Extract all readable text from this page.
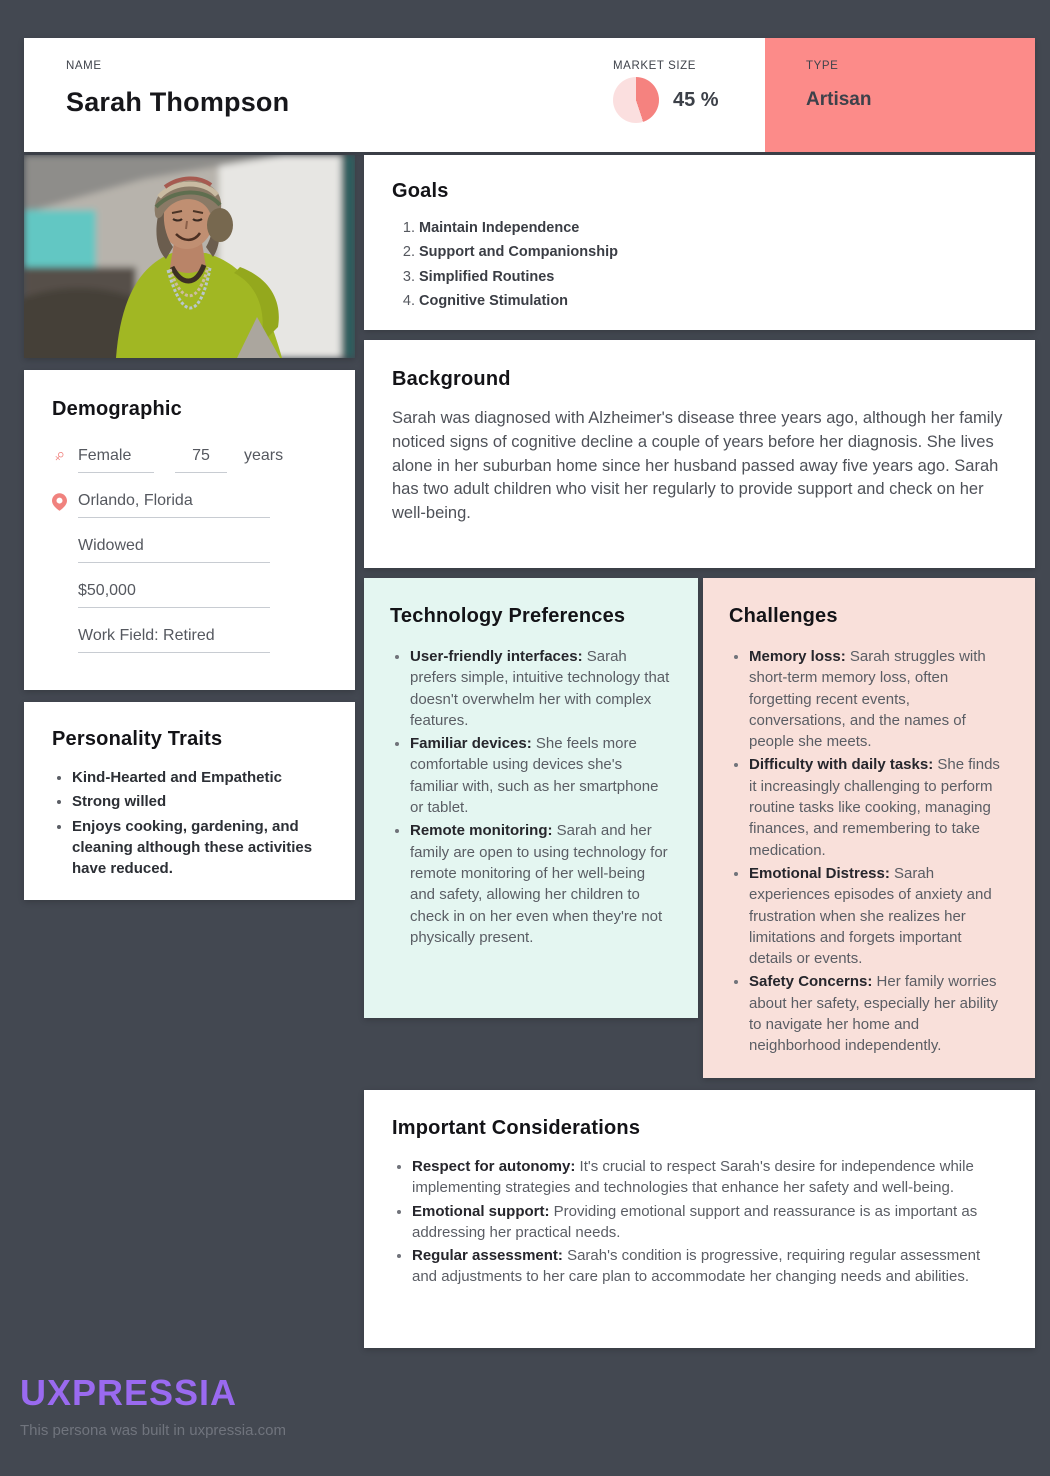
NAME
Sarah Thompson
MARKET SIZE
45 %
TYPE
Artisan
Demographic
♀ Female	75	years
Orlando, Florida
Widowed
$50,000
Work Field: Retired
Personality Traits
Kind-Hearted and Empathetic
Strong willed
Enjoys cooking, gardening, and cleaning although these activities have reduced.
Goals
1. Maintain Independence
2. Support and Companionship
3. Simplified Routines
4. Cognitive Stimulation
Background

Sarah was diagnosed with Alzheimer's disease three years ago, although her family noticed signs of cognitive decline a couple of years before her diagnosis. She lives alone in her suburban home since her husband passed away five years ago. Sarah has two adult children who visit her regularly to provide support and check on her well-being.

Technology Preferences
User-friendly interfaces: Sarah prefers simple, intuitive technology that doesn't overwhelm her with complex features.
Familiar devices: She feels more comfortable using devices she's familiar with, such as her smartphone or tablet.
Remote monitoring: Sarah and her family are open to using technology for remote monitoring of her well-being and safety, allowing her children to check in on her even when they're not physically present.
Challenges
Memory loss: Sarah struggles with short-term memory loss, often forgetting recent events, conversations, and the names of people she meets.
Difficulty with daily tasks: She finds it increasingly challenging to perform routine tasks like cooking, managing finances, and remembering to take medication.
Emotional Distress: Sarah experiences episodes of anxiety and frustration when she realizes her limitations and forgets important details or events.
Safety Concerns: Her family worries about her safety, especially her ability to navigate her home and neighborhood independently.
Important Considerations
Respect for autonomy: It's crucial to respect Sarah's desire for independence while implementing strategies and technologies that enhance her safety and well-being.
Emotional support: Providing emotional support and reassurance is as important as addressing her practical needs.
Regular assessment: Sarah's condition is progressive, requiring regular assessment and adjustments to her care plan to accommodate her changing needs and abilities.
UXPRESSIA
This persona was built in uxpressia.com
